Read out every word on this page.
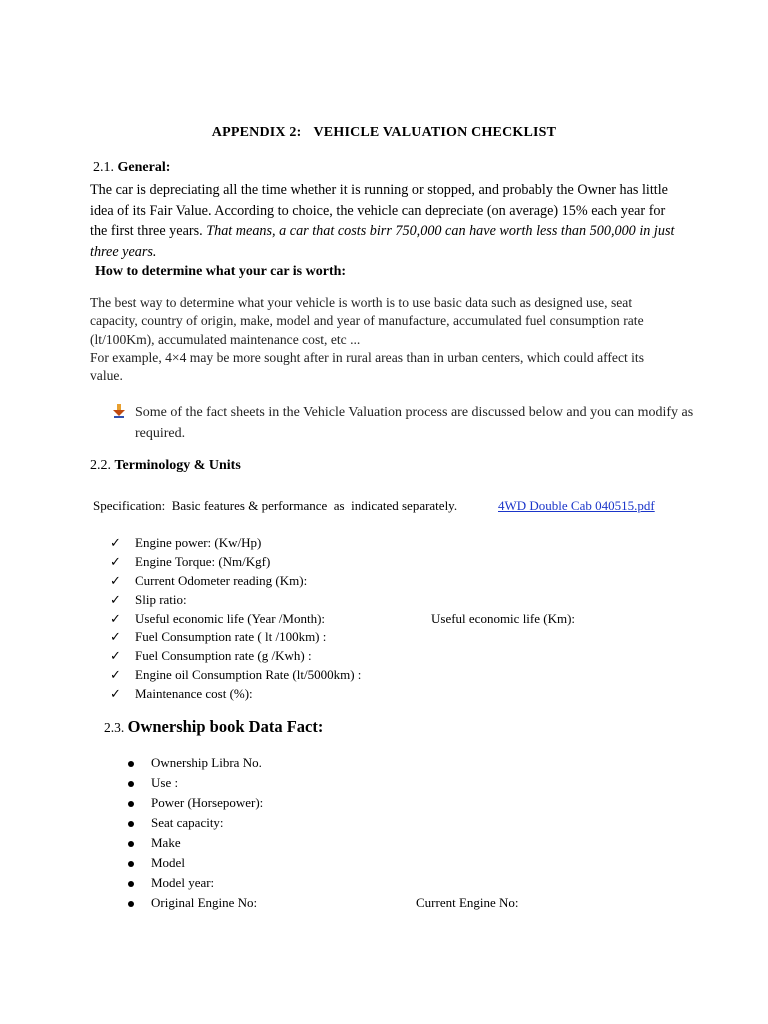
APPENDIX 2: VEHICLE VALUATION CHECKLIST
2.1. General:
The car is depreciating all the time whether it is running or stopped, and probably the Owner has little idea of its Fair Value. According to choice, the vehicle can depreciate (on average) 15% each year for the first three years. That means, a car that costs birr 750,000 can have worth less than 500,000 in just three years.
How to determine what your car is worth:
The best way to determine what your vehicle is worth is to use basic data such as designed use, seat capacity, country of origin, make, model and year of manufacture, accumulated fuel consumption rate (lt/100Km), accumulated maintenance cost, etc ...
For example, 4×4 may be more sought after in rural areas than in urban centers, which could affect its value.
Some of the fact sheets in the Vehicle Valuation process are discussed below and you can modify as required.
2.2. Terminology & Units
Specification:  Basic features & performance  as  indicated separately.	4WD Double Cab 040515.pdf
✓ Engine power: (Kw/Hp)
✓ Engine Torque: (Nm/Kgf)
✓ Current Odometer reading (Km):
✓ Slip ratio:
✓ Useful economic life (Year /Month):	Useful economic life (Km):
✓ Fuel Consumption rate ( lt /100km) :
✓ Fuel Consumption rate (g /Kwh) :
✓ Engine oil Consumption Rate (lt/5000km) :
✓ Maintenance cost (%):
2.3. Ownership book Data Fact:
Ownership Libra No.
Use :
Power (Horsepower):
Seat capacity:
Make
Model
Model year:
Original Engine No:	Current Engine No:
